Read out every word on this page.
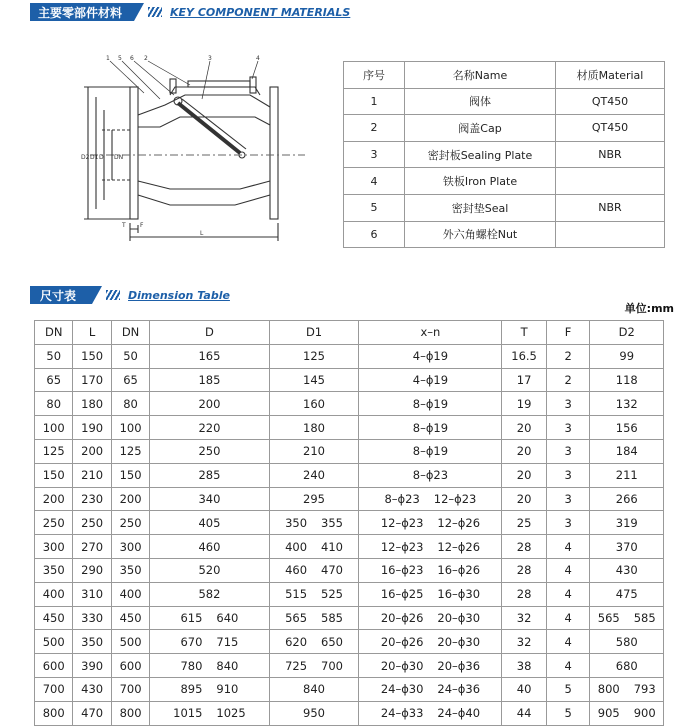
主要零部件材料	KEY COMPONENT MATERIALS
1 5 6 2	3	4
D2 D1 D DN
L
F
T
序号	名称Name	材质Material
1	阀体	QT450
2	阀盖Cap	QT450
3	密封板Sealing Plate	NBR
4	铁板Iron Plate	
5	密封垫Seal	NBR
6	外六角螺栓Nut	
尺寸表	Dimension Table
单位:mm
DN	L	DN	D	D1	x–n	T	F	D2

50	150	50	165	125	4–ϕ19	16.5	2	99

65	170	65	185	145	4–ϕ19	17	2	118

80	180	80	200	160	8–ϕ19	19	3	132

100	190	100	220	180	8–ϕ19	20	3	156

125	200	125	250	210	8–ϕ19	20	3	184

150	210	150	285	240	8–ϕ23	20	3	211

200	230	200	340	295	8–ϕ23 12–ϕ23	20	3	266

250	250	250	405	350 355	12–ϕ23 12–ϕ26	25	3	319

300	270	300	460	400 410	12–ϕ23 12–ϕ26	28	4	370

350	290	350	520	460 470	16–ϕ23 16–ϕ26	28	4	430

400	310	400	582	515 525	16–ϕ25 16–ϕ30	28	4	475

450	330	450	615 640	565 585	20–ϕ26 20–ϕ30	32	4	565 585

500	350	500	670 715	620 650	20–ϕ26 20–ϕ30	32	4	580

600	390	600	780 840	725 700	20–ϕ30 20–ϕ36	38	4	680

700	430	700	895 910	840	24–ϕ30 24–ϕ36	40	5	800 793

800	470	800	1015 1025	950	24–ϕ33 24–ϕ40	44	5	905 900
